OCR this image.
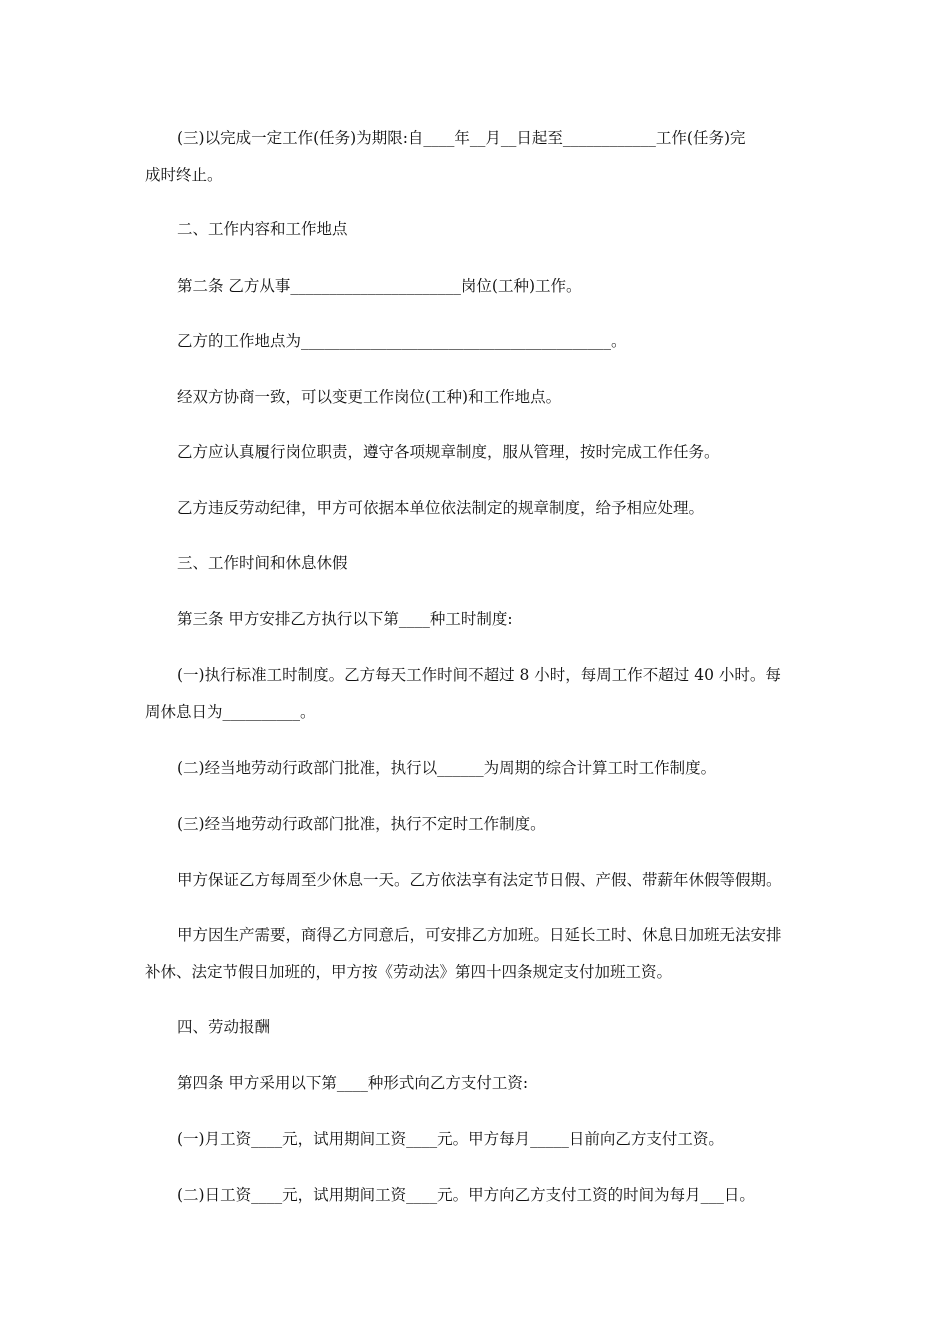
(三)以完成一定工作(任务)为期限:自____年__月__日起至____________工作(任务)完
成时终止。
二、工作内容和工作地点
第二条 乙方从事______________________岗位(工种)工作。
乙方的工作地点为________________________________________。
经双方协商一致，可以变更工作岗位(工种)和工作地点。
乙方应认真履行岗位职责，遵守各项规章制度，服从管理，按时完成工作任务。
乙方违反劳动纪律，甲方可依据本单位依法制定的规章制度，给予相应处理。
三、工作时间和休息休假
第三条 甲方安排乙方执行以下第____种工时制度:
(一)执行标准工时制度。乙方每天工作时间不超过 8 小时，每周工作不超过 40 小时。每
周休息日为__________。
(二)经当地劳动行政部门批准，执行以______为周期的综合计算工时工作制度。
(三)经当地劳动行政部门批准，执行不定时工作制度。
甲方保证乙方每周至少休息一天。乙方依法享有法定节日假、产假、带薪年休假等假期。
甲方因生产需要，商得乙方同意后，可安排乙方加班。日延长工时、休息日加班无法安排
补休、法定节假日加班的，甲方按《劳动法》第四十四条规定支付加班工资。
四、劳动报酬
第四条 甲方采用以下第____种形式向乙方支付工资:
(一)月工资____元，试用期间工资____元。甲方每月_____日前向乙方支付工资。
(二)日工资____元，试用期间工资____元。甲方向乙方支付工资的时间为每月___日。
